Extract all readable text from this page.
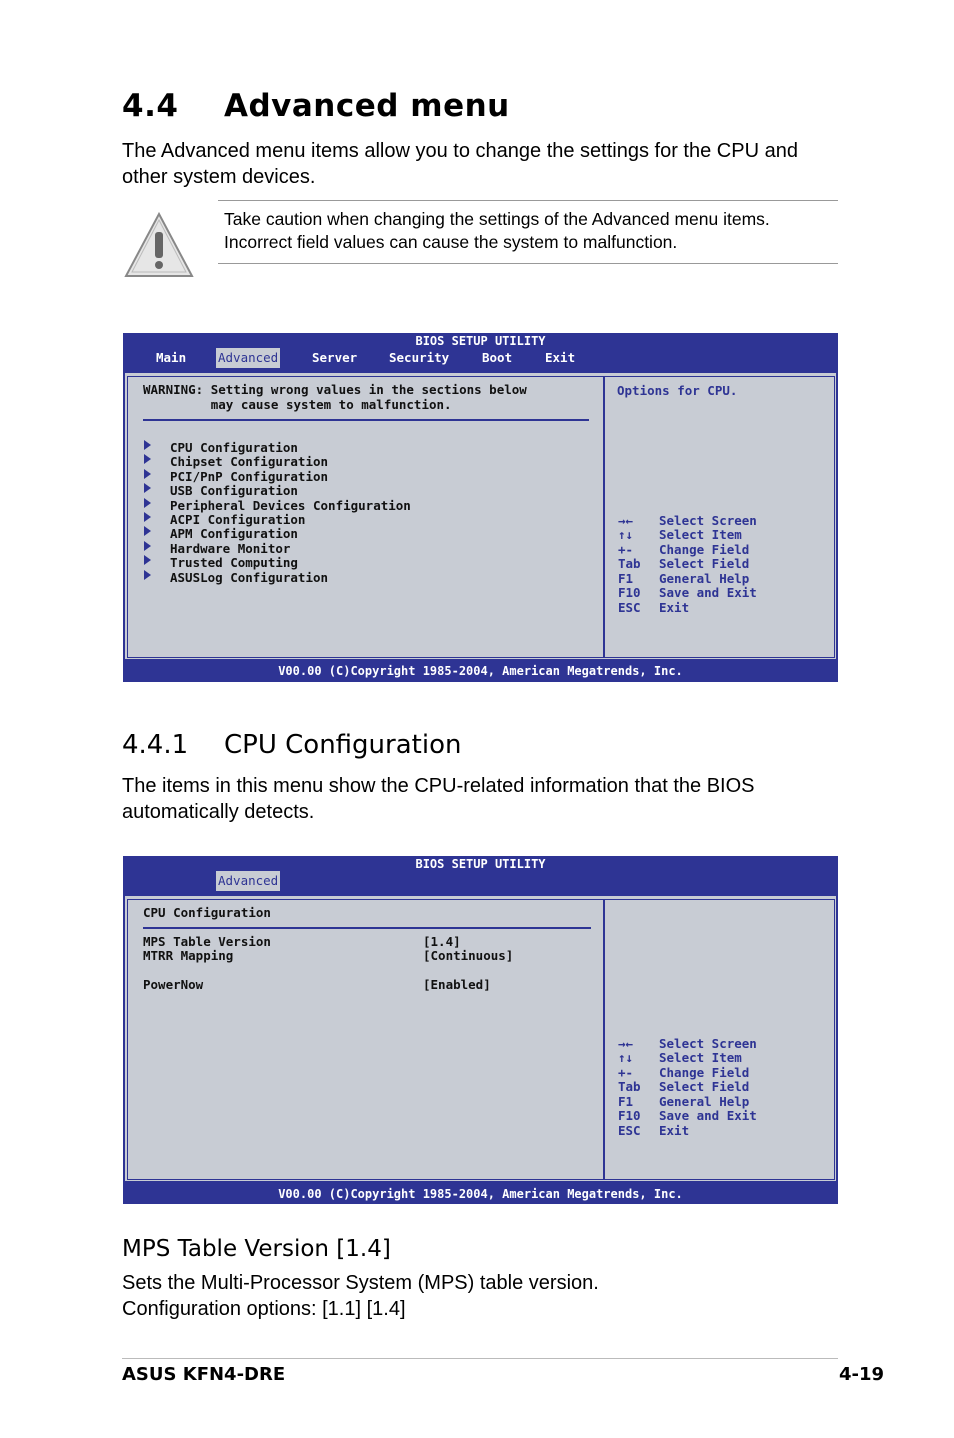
4.4 Advanced menu
The Advanced menu items allow you to change the settings for the CPU and other system devices.
Take caution when changing the settings of the Advanced menu items.
Incorrect field values can cause the system to malfunction.
BIOS SETUP UTILITY
Main	Advanced	Server	Security	Boot	Exit
WARNING: Setting wrong values in the sections below
may cause system to malfunction.
CPU Configuration
Chipset Configuration
PCI/PnP Configuration
USB Configuration
Peripheral Devices Configuration
ACPI Configuration
APM Configuration
Hardware Monitor
Trusted Computing
ASUSLog Configuration
Options for CPU.
→← Select Screen
↑↓ Select Item
+- Change Field
Tab Select Field
F1 General Help
F10 Save and Exit
ESC Exit
V00.00 (C)Copyright 1985-2004, American Megatrends, Inc.
4.4.1 CPU Configuration
The items in this menu show the CPU-related information that the BIOS automatically detects.
BIOS SETUP UTILITY
Advanced
CPU Configuration
MPS Table Version	[1.4]
MTRR Mapping	[Continuous]
PowerNow	[Enabled]
→← Select Screen
↑↓ Select Item
+- Change Field
Tab Select Field
F1 General Help
F10 Save and Exit
ESC Exit
V00.00 (C)Copyright 1985-2004, American Megatrends, Inc.
MPS Table Version [1.4]
Sets the Multi-Processor System (MPS) table version.
Configuration options: [1.1] [1.4]
ASUS KFN4-DRE	4-19
